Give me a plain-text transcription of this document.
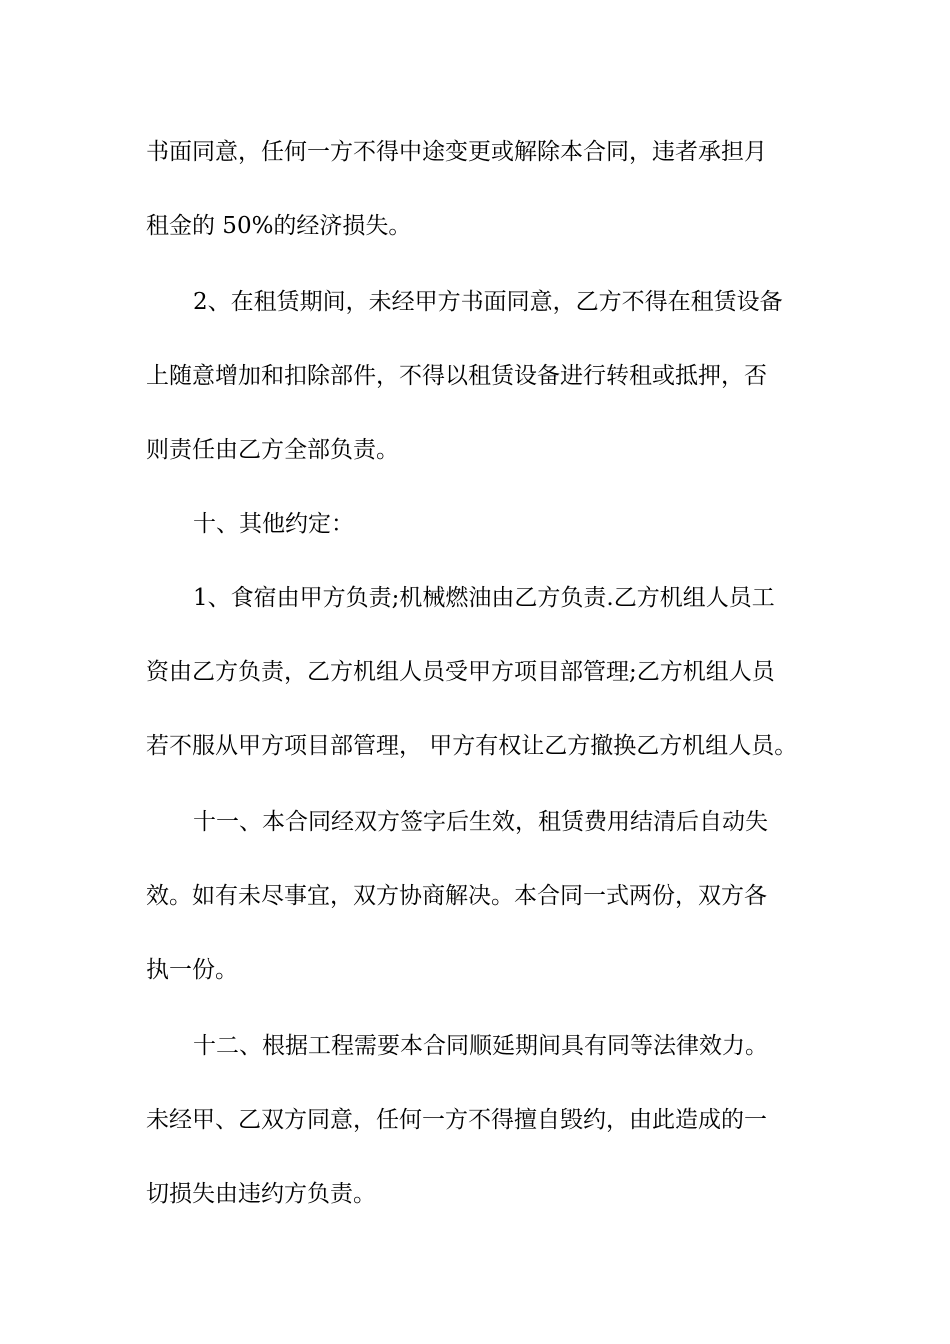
书面同意，任何一方不得中途变更或解除本合同，违者承担月
租金的 50%的经济损失。
2、在租赁期间，未经甲方书面同意，乙方不得在租赁设备
上随意增加和扣除部件，不得以租赁设备进行转租或抵押，否
则责任由乙方全部负责。
十、其他约定：
1、食宿由甲方负责;机械燃油由乙方负责.乙方机组人员工
资由乙方负责，乙方机组人员受甲方项目部管理;乙方机组人员
若不服从甲方项目部管理， 甲方有权让乙方撤换乙方机组人员。
十一、本合同经双方签字后生效，租赁费用结清后自动失
效。如有未尽事宜，双方协商解决。本合同一式两份，双方各
执一份。
十二、根据工程需要本合同顺延期间具有同等法律效力。
未经甲、乙双方同意，任何一方不得擅自毁约，由此造成的一
切损失由违约方负责。
